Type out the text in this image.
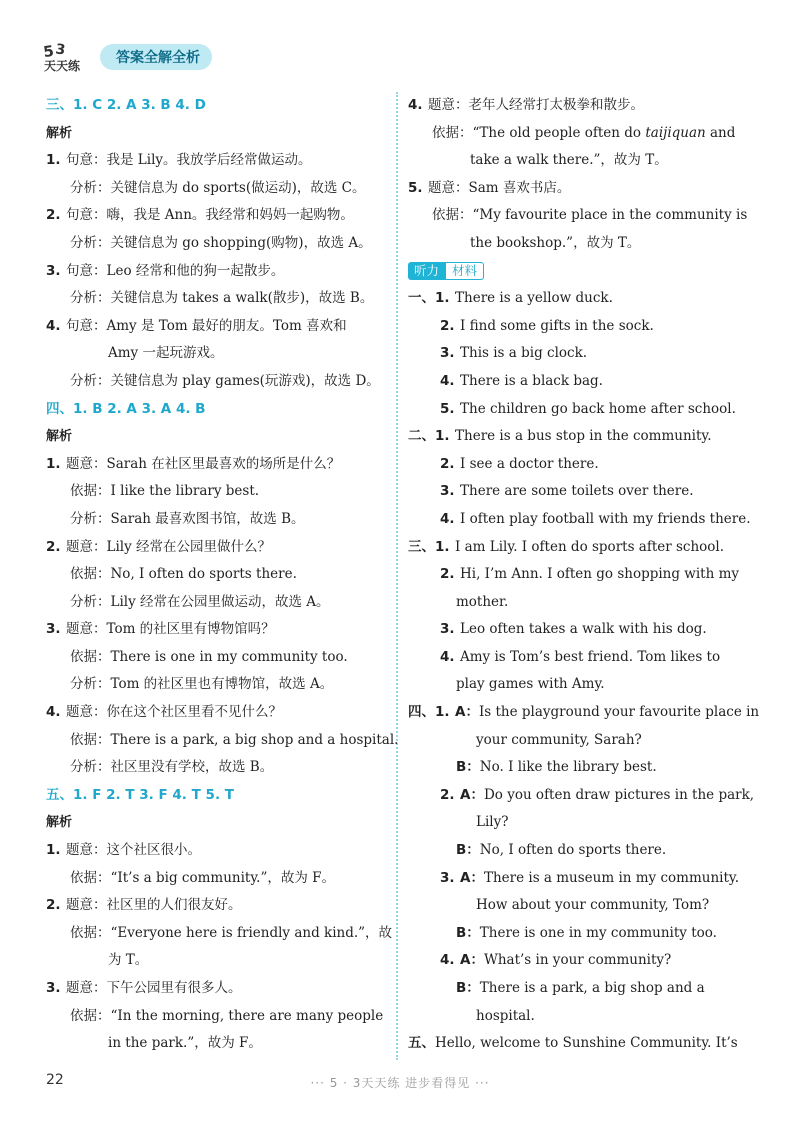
5 3
天天练	答案全解全析
三、1. C 2. A 3. B 4. D
解析
1. 句意：我是 Lily。我放学后经常做运动。
分析：关键信息为 do sports(做运动)，故选 C。
2. 句意：嗨，我是 Ann。我经常和妈妈一起购物。
分析：关键信息为 go shopping(购物)，故选 A。
3. 句意：Leo 经常和他的狗一起散步。
分析：关键信息为 takes a walk(散步)，故选 B。
4. 句意：Amy 是 Tom 最好的朋友。Tom 喜欢和
Amy 一起玩游戏。
分析：关键信息为 play games(玩游戏)，故选 D。
四、1. B 2. A 3. A 4. B
解析
1. 题意：Sarah 在社区里最喜欢的场所是什么？
依据：I like the library best.
分析：Sarah 最喜欢图书馆，故选 B。
2. 题意：Lily 经常在公园里做什么？
依据：No, I often do sports there.
分析：Lily 经常在公园里做运动，故选 A。
3. 题意：Tom 的社区里有博物馆吗？
依据：There is one in my community too.
分析：Tom 的社区里也有博物馆，故选 A。
4. 题意：你在这个社区里看不见什么？
依据：There is a park, a big shop and a hospital.
分析：社区里没有学校，故选 B。
五、1. F 2. T 3. F 4. T 5. T
解析
1. 题意：这个社区很小。
依据：“It’s a big community.”，故为 F。
2. 题意：社区里的人们很友好。
依据：“Everyone here is friendly and kind.”，故
为 T。
3. 题意：下午公园里有很多人。
依据：“In the morning, there are many people
in the park.”，故为 F。
4. 题意：老年人经常打太极拳和散步。
依据：“The old people often do taijiquan and
take a walk there.”，故为 T。
5. 题意：Sam 喜欢书店。
依据：“My favourite place in the community is
the bookshop.”，故为 T。
听力 材料
一、1. There is a yellow duck.
2. I find some gifts in the sock.
3. This is a big clock.
4. There is a black bag.
5. The children go back home after school.
二、1. There is a bus stop in the community.
2. I see a doctor there.
3. There are some toilets over there.
4. I often play football with my friends there.
三、1. I am Lily. I often do sports after school.
2. Hi, I’m Ann. I often go shopping with my
mother.
3. Leo often takes a walk with his dog.
4. Amy is Tom’s best friend. Tom likes to
play games with Amy.
四、1. A：Is the playground your favourite place in
your community, Sarah?
B：No. I like the library best.
2. A：Do you often draw pictures in the park,
Lily?
B：No, I often do sports there.
3. A：There is a museum in my community.
How about your community, Tom?
B：There is one in my community too.
4. A：What’s in your community?
B：There is a park, a big shop and a
hospital.
五、Hello, welcome to Sunshine Community. It’s
22	··· 5 · 3天天练 进步看得见 ···
